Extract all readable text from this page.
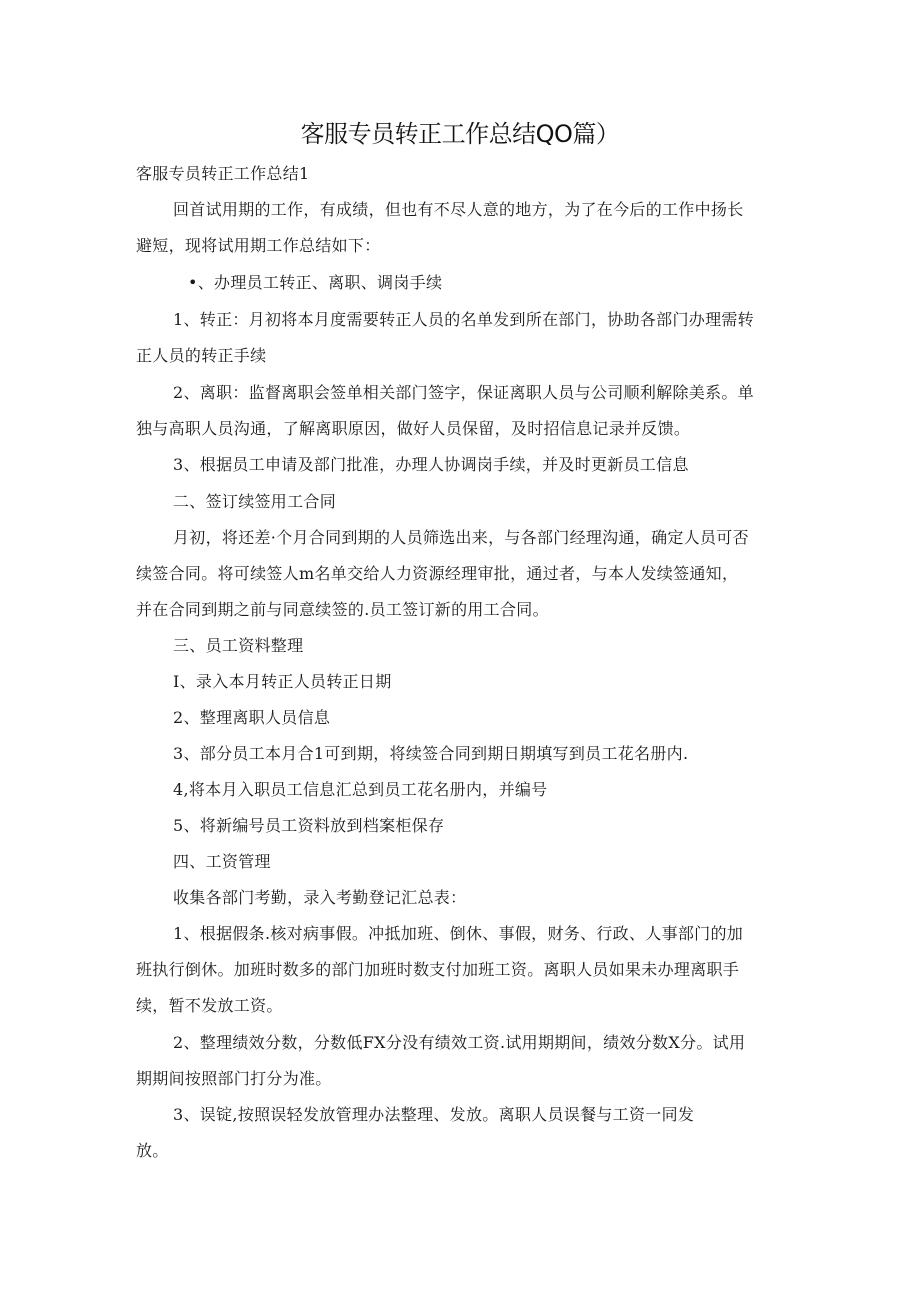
客服专员转正工作总结QO篇）
客服专员转正工作总结1
回首试用期的工作，有成绩，但也有不尽人意的地方，为了在今后的工作中扬长
避短，现将试用期工作总结如下：
•、办理员工转正、离职、调岗手续
1、转正：月初将本月度需要转正人员的名单发到所在部门，协助各部门办理需转
正人员的转正手续
2、离职：监督离职会签单相关部门签字，保证离职人员与公司顺利解除美系。单
独与高职人员沟通，了解离职原因，做好人员保留，及时招信息记录并反馈。
3、根据员工申请及部门批准，办理人协调岗手续，并及时更新员工信息
二、签订续签用工合同
月初，将还差·个月合同到期的人员筛选出来，与各部门经理沟通，确定人员可否
续签合同。将可续签人m名单交给人力资源经理审批，通过者，与本人发续签通知，
并在合同到期之前与同意续签的.员工签订新的用工合同。
三、员工资料整理
I、录入本月转正人员转正日期
2、整理离职人员信息
3、部分员工本月合1可到期，将续签合同到期日期填写到员工花名册内.
4,将本月入职员工信息汇总到员工花名册内，并编号
5、将新编号员工资料放到档案柜保存
四、工资管理
收集各部门考勤，录入考勤登记汇总表：
1、根据假条.核对病事假。冲抵加班、倒休、事假，财务、行政、人事部门的加
班执行倒休。加班时数多的部门加班时数支付加班工资。离职人员如果未办理离职手
续，暂不发放工资。
2、整理绩效分数，分数低FX分没有绩效工资.试用期期间，绩效分数X分。试用
期期间按照部门打分为准。
3、误锭,按照误轻发放管理办法整理、发放。离职人员误餐与工资一同发
放。
